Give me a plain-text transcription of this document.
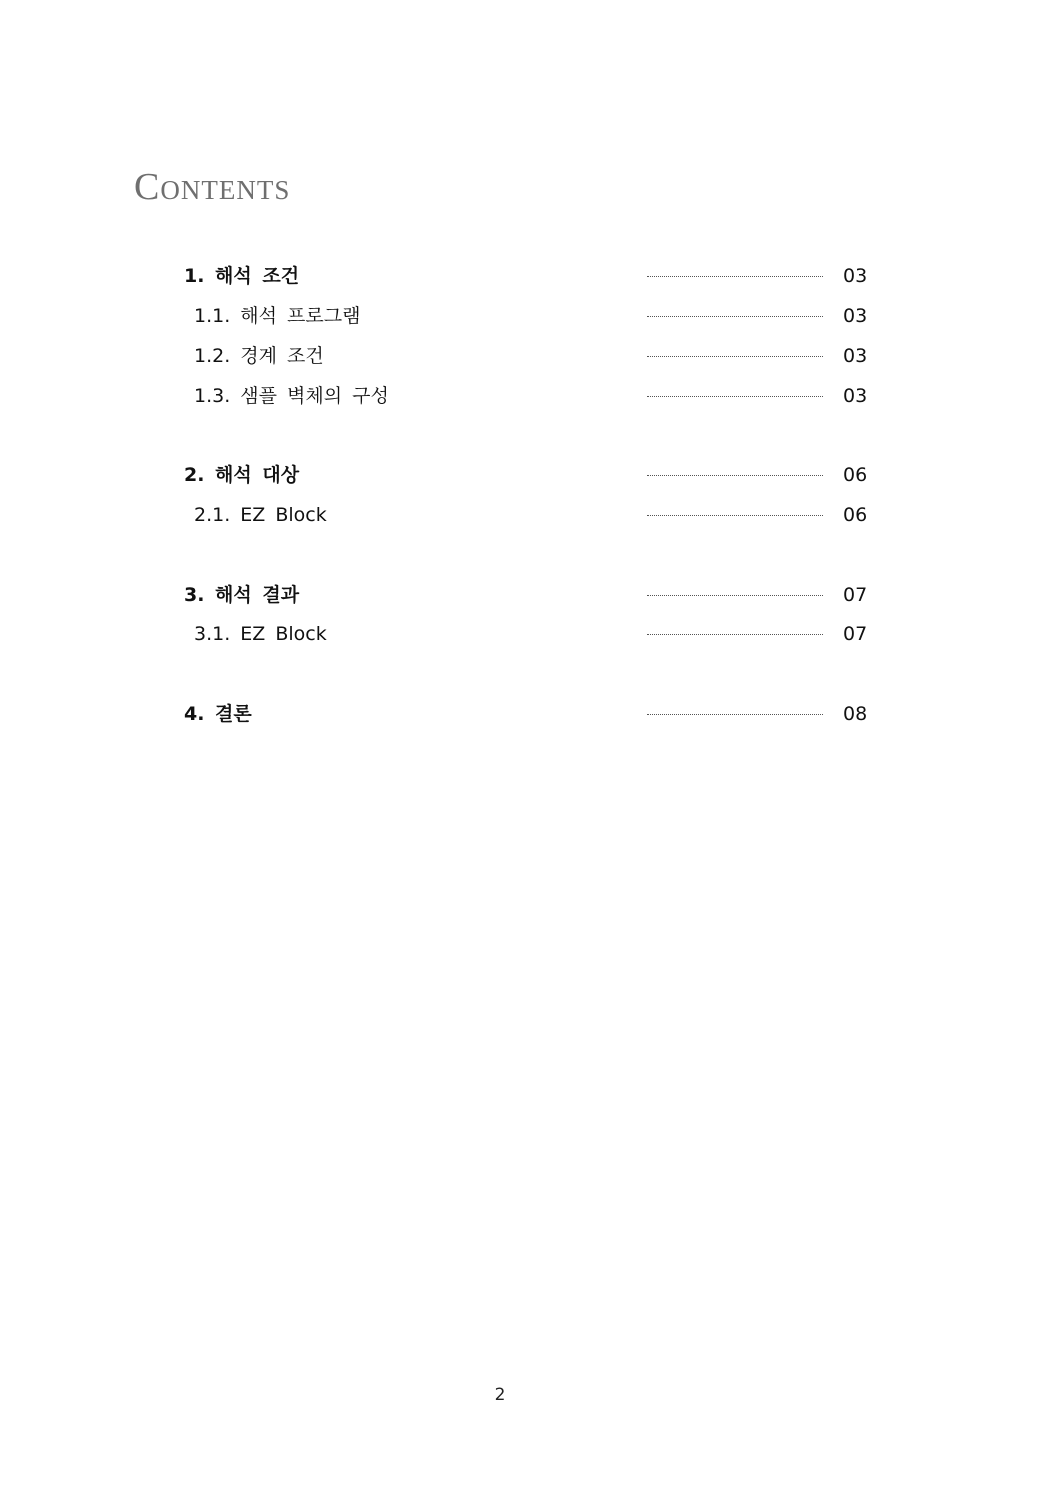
Contents
1. 해석 조건	03
1.1. 해석 프로그램	03
1.2. 경계 조건	03
1.3. 샘플 벽체의 구성	03
2. 해석 대상	06
2.1. EZ Block	06
3. 해석 결과	07
3.1. EZ Block	07
4. 결론	08
2
